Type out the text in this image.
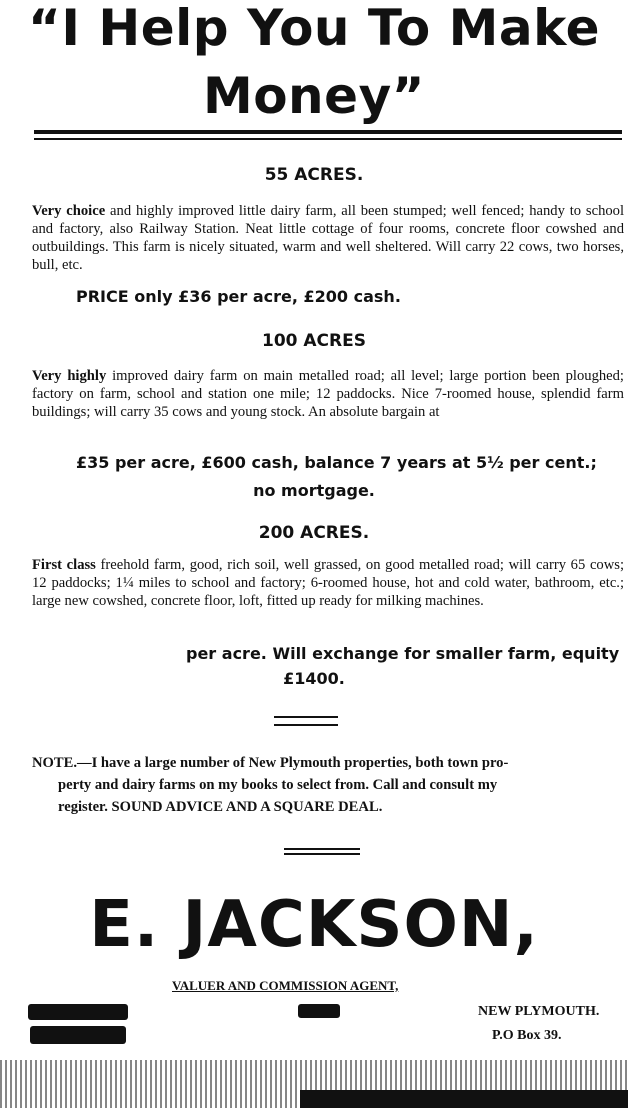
“I Help You To Make
Money”
55 ACRES.
Very choice and highly improved little dairy farm, all been stumped; well fenced; handy to school and factory, also Railway Station. Neat little cottage of four rooms, concrete floor cowshed and outbuildings. This farm is nicely situated, warm and well sheltered. Will carry 22 cows, two horses, bull, etc.
PRICE only £36 per acre, £200 cash.
100 ACRES
Very highly improved dairy farm on main metalled road; all level; large portion been ploughed; factory on farm, school and station one mile; 12 paddocks. Nice 7-roomed house, splendid farm buildings; will carry 35 cows and young stock. An absolute bargain at
£35 per acre, £600 cash, balance 7 years at 5½ per cent.;
no mortgage.
200 ACRES.
First class freehold farm, good, rich soil, well grassed, on good metalled road; will carry 65 cows; 12 paddocks; 1¼ miles to school and factory; 6-roomed house, hot and cold water, bathroom, etc.; large new cowshed, concrete floor, loft, fitted up ready for milking machines.
per acre. Will exchange for smaller farm, equity
£1400.
NOTE.—I have a large number of New Plymouth properties, both town pro-
perty and dairy farms on my books to select from. Call and consult my
register. SOUND ADVICE AND A SQUARE DEAL.
E. JACKSON,
VALUER AND COMMISSION AGENT,
NEW PLYMOUTH.
P.O Box 39.
